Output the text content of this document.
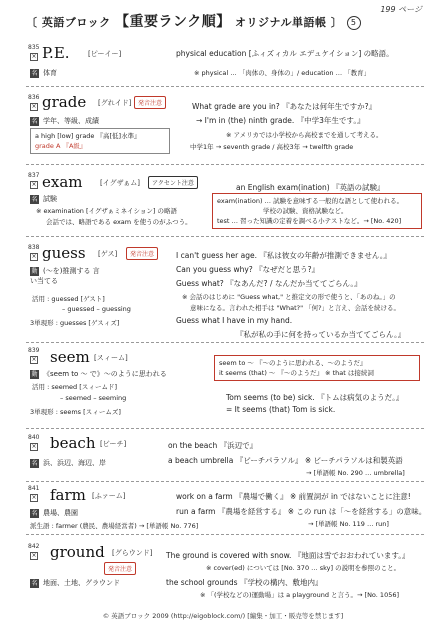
199 ページ
〔 英語ブロック 【重要ランク順】 オリジナル単語帳 〕 5
835
× P.E.	[ピーイー]
名 体育
physical education [ふィズィカル エデュケイション] の略語。
※ physical … 「肉体の、身体の」/ education … 「教育」
836
× grade [グれイド]	発音注意
名 学年、等級、成績
a high [low] grade 『高[低]水準』
grade A 『A級』
What grade are you in? 『あなたは何年生ですか?』
→ I'm in (the) ninth grade. 『中学3年生です。』
※ アメリカでは小学校から高校までを通して考える。
中学1年 → seventh grade / 高校3年 → twelfth grade
837
× exam [イグザぁム]	アクセント注意
名 試験
※ examination [イグザぁミネイション] の略語
会話では、略語である exam を使うのがふつう。
an English exam(ination) 『英語の試験』
exam(ination) … 試験を意味する一般的な語として使われる。
学校の試験、資格試験など。
test … 習った知識の定着を調べる小テストなど。→ [No. 420]
838
× guess [ゲス]	発音注意
動 (～を)推測する 言い当てる
活用 : guessed [ゲスト]
– guessed – guessing
3単現形 : guesses [ゲスィズ]
I can't guess her age. 『私は彼女の年齢が推測できません。』
Can you guess why? 『なぜだと思う?』
Guess what? 『なあんだ? / なんだか当ててごらん。』
※ 会話のはじめに "Guess what," と推定文の形で使うと、「あのね。」の
意味になる。言われた相手は "What?" 「何?」と言え、会話を続ける。
Guess what I have in my hand.
『私が私の手に何を持っているか当ててごらん。』
839
× seem [スィーム]
動 《seem to ～ で》～のように思われる
活用 : seemed [スィームド]
– seemed – seeming
3単現形 : seems [スィームズ]
seem to ～ 『～のように思われる、～のようだ』
it seems (that) ～ 『～のようだ』 ※ that は接続詞
Tom seems (to be) sick. 『トムは病気のようだ。』
= It seems (that) Tom is sick.
840
× beach [ビーチ]
名 浜、浜辺、海辺、岸
on the beach 『浜辺で』
a beach umbrella 『ビーチパラソル』 ※ ビーチパラソルは和製英語
→ [単語帳 No. 290 … umbrella]
841
× farm [ふァーム]
名 農場、農園
派生語 : farmer (農民、農場経営者) → [単語帳 No. 776]
work on a farm 『農場で働く』 ※ 前置詞が in ではないことに注意!
run a farm 『農場を経営する』 ※ この run は「～を経営する」の意味。
→ [単語帳 No. 119 … run]
842
× ground [グらウンド]
発音注意
名 地面、土地、グラウンド
The ground is covered with snow. 『地面は雪でおおわれています。』
※ cover(ed) については [No. 370 … sky] の説明を参照のこと。
the school grounds 『学校の構内、敷地内』
※ 「(学校などの)運動場」は a playground と言う。→ [No. 1056]
© 英語ブロック 2009 (http://eigoblock.com/) [編集・加工・販売等を禁じます]
